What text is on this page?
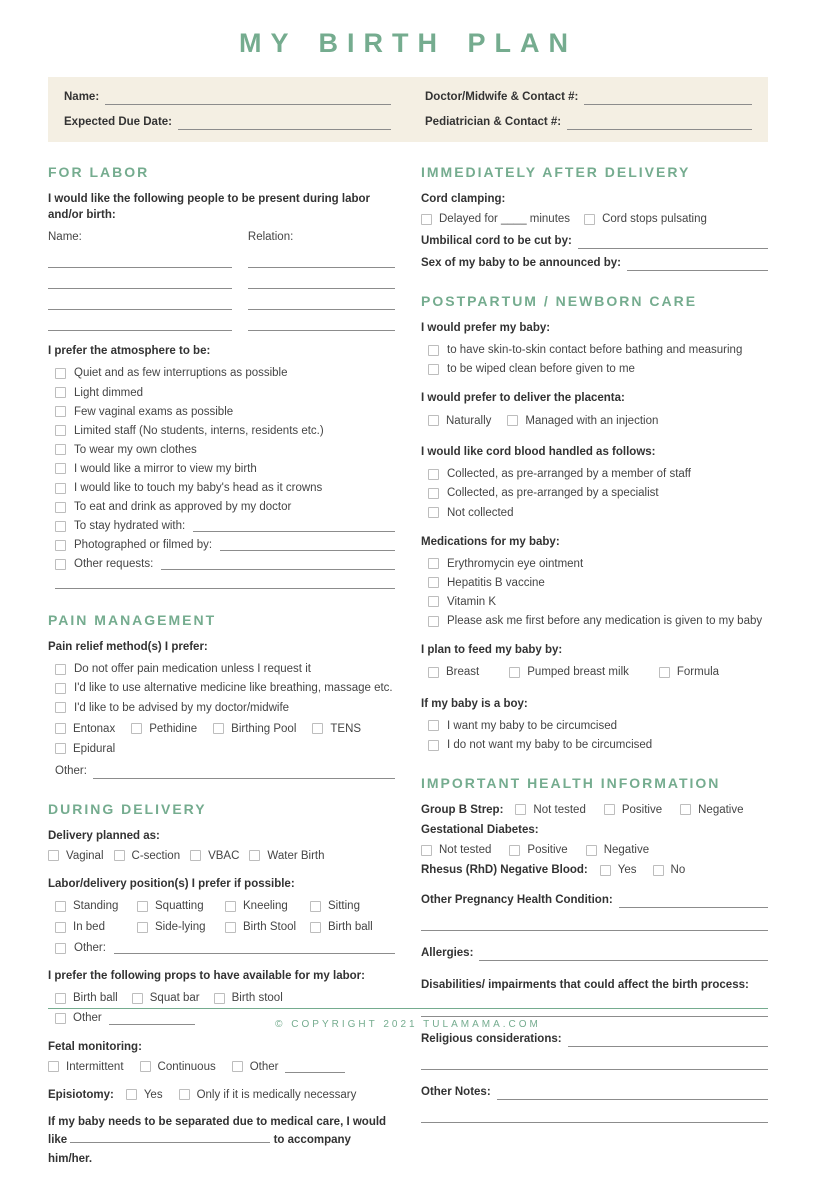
MY BIRTH PLAN
Name:
Expected Due Date:
Doctor/Midwife & Contact #:
Pediatrician & Contact #:
FOR LABOR

I would like the following people to be present during labor and/or birth:

Name:	Relation:

I prefer the atmosphere to be:

Quiet and as few interruptions as possible
Light dimmed
Few vaginal exams as possible
Limited staff (No students, interns, residents etc.)
To wear my own clothes
I would like a mirror to view my birth
I would like to touch my baby's head as it crowns
To eat and drink as approved by my doctor
To stay hydrated with:
Photographed or filmed by:
Other requests:
PAIN MANAGEMENT

Pain relief method(s) I prefer:

Do not offer pain medication unless I request it
I'd like to use alternative medicine like breathing, massage etc.
I'd like to be advised by my doctor/midwife
Entonax	Pethidine	Birthing Pool	TENS
Epidural
Other:
DURING DELIVERY
Delivery planned as:
Vaginal C-section VBAC Water Birth

Labor/delivery position(s) I prefer if possible:

Standing	Squatting	Kneeling	Sitting
In bed	Side-lying	Birth Stool	Birth ball
Other:

I prefer the following props to have available for my labor:

Birth ball	Squat bar	Birth stool
Other
Fetal monitoring:
Intermittent	Continuous	Other
Episiotomy:	Yes	Only if it is medically necessary

If my baby needs to be separated due to medical care, I would like	to accompany him/her.

IMMEDIATELY AFTER DELIVERY
Cord clamping:
Delayed for ____ minutes	Cord stops pulsating
Umbilical cord to be cut by:
Sex of my baby to be announced by:
POSTPARTUM / NEWBORN CARE

I would prefer my baby:

to have skin-to-skin contact before bathing and measuring
to be wiped clean before given to me

I would prefer to deliver the placenta:

Naturally	Managed with an injection

I would like cord blood handled as follows:

Collected, as pre-arranged by a member of staff
Collected, as pre-arranged by a specialist
Not collected

Medications for my baby:

Erythromycin eye ointment
Hepatitis B vaccine
Vitamin K
Please ask me first before any medication is given to my baby

I plan to feed my baby by:

Breast	Pumped breast milk	Formula

If my baby is a boy:

I want my baby to be circumcised
I do not want my baby to be circumcised
IMPORTANT HEALTH INFORMATION
Group B Strep:	Not tested	Positive	Negative
Gestational Diabetes:
Not tested	Positive	Negative
Rhesus (RhD) Negative Blood:	Yes	No
Other Pregnancy Health Condition:
Allergies:

Disabilities/ impairments that could affect the birth process:

Religious considerations:
Other Notes:
© COPYRIGHT 2021 TULAMAMA.COM
